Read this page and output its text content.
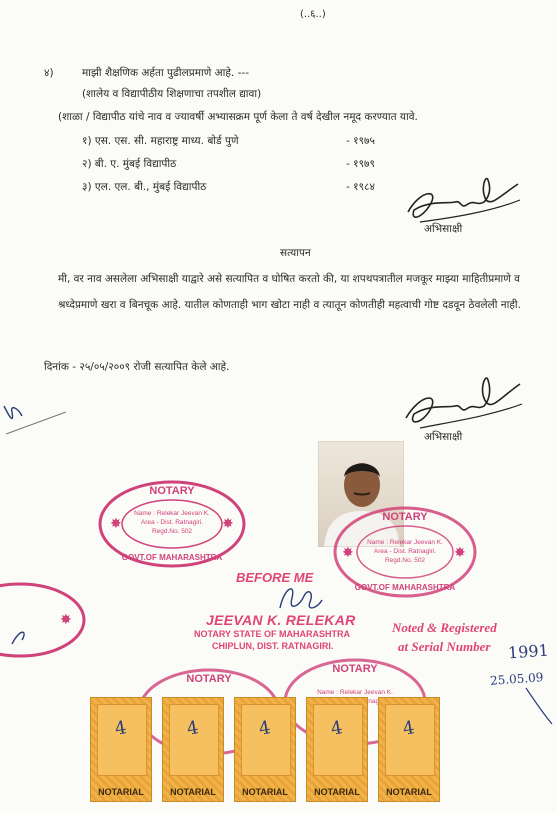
(..६..)
४)	माझी शैक्षणिक अर्हता पुढीलप्रमाणे आहे. ---
(शालेय व विद्यापीठीय शिक्षणाचा तपशील द्यावा)
(शाळा / विद्यापीठ यांचे नाव व ज्यावर्षी अभ्यासक्रम पूर्ण केला ते वर्ष देखील नमूद करण्यात यावे.
१) एस. एस. सी. महाराष्ट्र माध्य. बोर्ड पुणे	- १९७५
२) बी. ए. मुंबई विद्यापीठ	- १९७९
३) एल. एल. बी., मुंबई विद्यापीठ	- १९८४
अभिसाक्षी
सत्यापन
मी, वर नाव असलेला अभिसाक्षी याद्वारे असे सत्यापित व घोषित करतो की, या शपथपत्रातील मजकूर माझ्या माहितीप्रमाणे व श्रध्देप्रमाणे खरा व बिनचूक आहे. यातील कोणताही भाग खोटा नाही व त्यातून कोणतीही महत्वाची गोष्ट दडवून ठेवलेली नाही.
दिनांक - २५/०५/२००९ रोजी सत्यापित केले आहे.
अभिसाक्षी
NOTARY
Name : Relekar Jeevan K.
Area - Dist. Ratnagiri.
Regd.No. 502
GOVT.OF MAHARASHTRA
✸	✸	NOTARY
Name : Relekar Jeevan K.
Area - Dist. Ratnagiri.
Regd.No. 502
GOVT.OF MAHARASHTRA
✸	✸
✸
BEFORE ME
JEEVAN K. RELEKAR
NOTARY STATE OF MAHARASHTRA
CHIPLUN, DIST. RATNAGIRI.
Noted & Registered
at Serial Number 1991
25.05.09
NOTARY
NOTARY
Name : Relekar Jeevan K.
Ratnagiri.
4
NOTARIAL
4
NOTARIAL
4
NOTARIAL
4
NOTARIAL
4
NOTARIAL
